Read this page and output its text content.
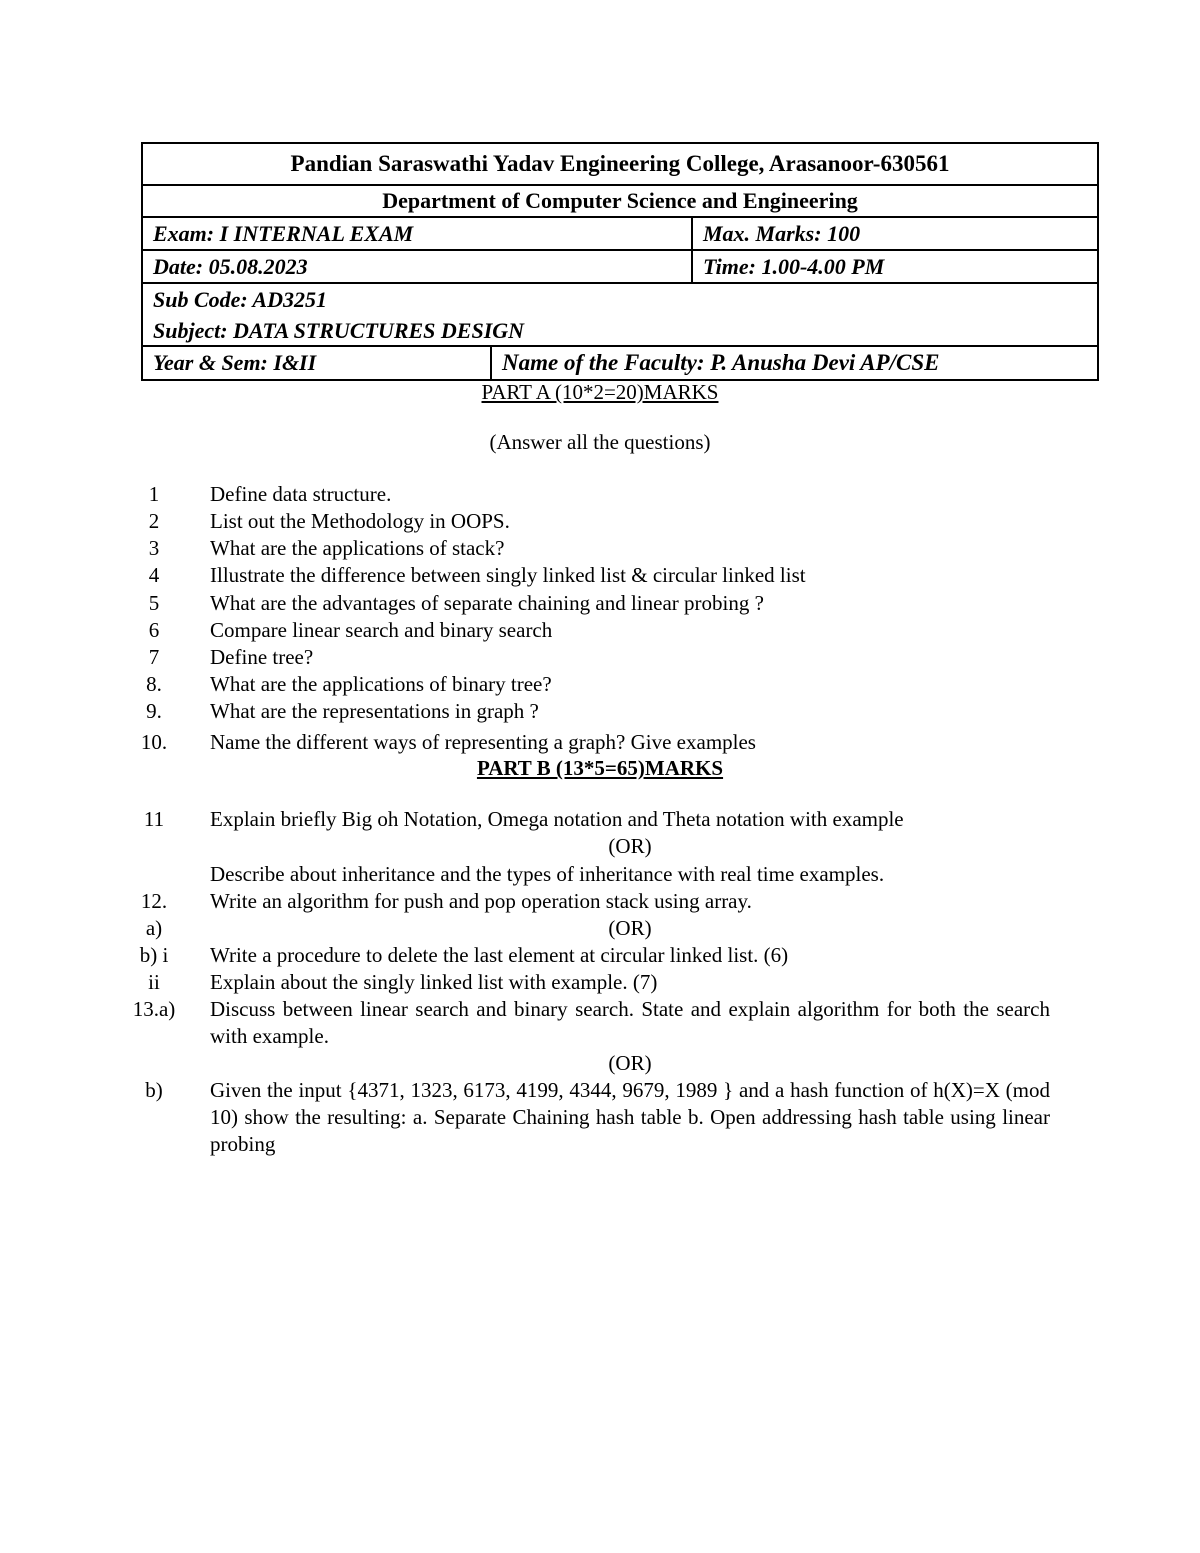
Pandian Saraswathi Yadav Engineering College, Arasanoor-630561
Department of Computer Science and Engineering
Exam: I INTERNAL EXAM	Max. Marks: 100
Date: 05.08.2023	Time: 1.00-4.00 PM
Sub Code: AD3251
Subject: DATA STRUCTURES DESIGN
Year & Sem: I&II	Name of the Faculty: P. Anusha Devi AP/CSE
PART A (10*2=20)MARKS
(Answer all the questions)
1	Define data structure.
2	List out the Methodology in OOPS.
3	What are the applications of stack?
4	Illustrate the difference between singly linked list & circular linked list
5	What are the advantages of separate chaining and linear probing ?
6	Compare linear search and binary search
7	Define tree?
8.	What are the applications of binary tree?
9.	What are the representations in graph ?
10.	Name the different ways of representing a graph? Give examples
PART B (13*5=65)MARKS
11	Explain briefly Big oh Notation, Omega notation and Theta notation with example
(OR)
Describe about inheritance and the types of inheritance with real time examples.
12.	Write an algorithm for push and pop operation stack using array.
a)	(OR)
b) i	Write a procedure to delete the last element at circular linked list. (6)
ii	Explain about the singly linked list with example. (7)
13.a) Discuss between linear search and binary search. State and explain algorithm for both the search with example.
(OR)
b)	Given the input {4371, 1323, 6173, 4199, 4344, 9679, 1989 } and a hash function of h(X)=X (mod 10) show the resulting: a. Separate Chaining hash table b. Open addressing hash table using linear probing
